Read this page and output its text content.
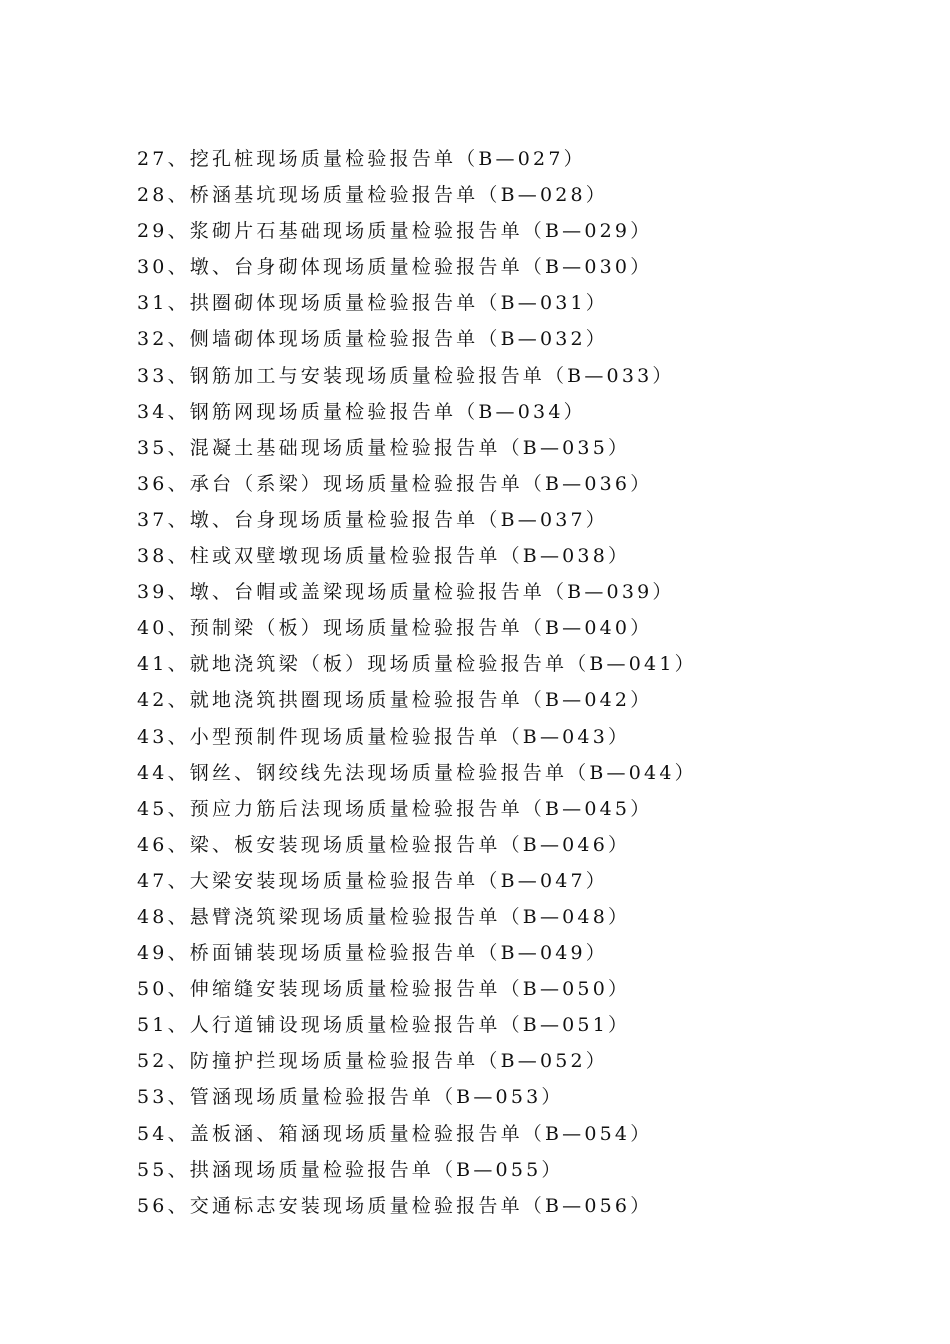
27、挖孔桩现场质量检验报告单（B—027）
28、桥涵基坑现场质量检验报告单（B—028）
29、浆砌片石基础现场质量检验报告单（B—029）
30、墩、台身砌体现场质量检验报告单（B—030）
31、拱圈砌体现场质量检验报告单（B—031）
32、侧墙砌体现场质量检验报告单（B—032）
33、钢筋加工与安装现场质量检验报告单（B—033）
34、钢筋网现场质量检验报告单（B—034）
35、混凝土基础现场质量检验报告单（B—035）
36、承台（系梁）现场质量检验报告单（B—036）
37、墩、台身现场质量检验报告单（B—037）
38、柱或双壁墩现场质量检验报告单（B—038）
39、墩、台帽或盖梁现场质量检验报告单（B—039）
40、预制梁（板）现场质量检验报告单（B—040）
41、就地浇筑梁（板）现场质量检验报告单（B—041）
42、就地浇筑拱圈现场质量检验报告单（B—042）
43、小型预制件现场质量检验报告单（B—043）
44、钢丝、钢绞线先法现场质量检验报告单（B—044）
45、预应力筋后法现场质量检验报告单（B—045）
46、梁、板安装现场质量检验报告单（B—046）
47、大梁安装现场质量检验报告单（B—047）
48、悬臂浇筑梁现场质量检验报告单（B—048）
49、桥面铺装现场质量检验报告单（B—049）
50、伸缩缝安装现场质量检验报告单（B—050）
51、人行道铺设现场质量检验报告单（B—051）
52、防撞护拦现场质量检验报告单（B—052）
53、管涵现场质量检验报告单（B—053）
54、盖板涵、箱涵现场质量检验报告单（B—054）
55、拱涵现场质量检验报告单（B—055）
56、交通标志安装现场质量检验报告单（B—056）
